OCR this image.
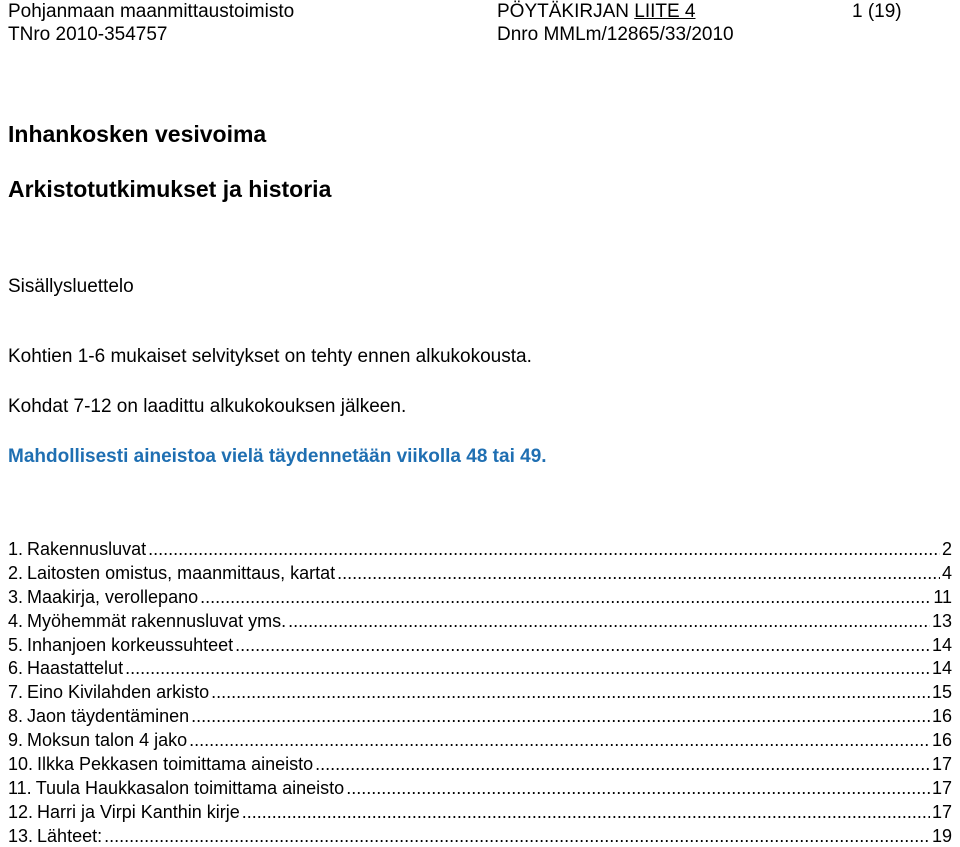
Pohjanmaan maanmittaustoimisto
TNro 2010-354757
PÖYTÄKIRJAN LIITE 4
Dnro MMLm/12865/33/2010
1 (19)
Inhankosken vesivoima
Arkistotutkimukset ja historia
Sisällysluettelo
Kohtien 1-6 mukaiset selvitykset on tehty ennen alkukokousta.
Kohdat 7-12 on laadittu alkukokouksen jälkeen.
Mahdollisesti aineistoa vielä täydennetään viikolla 48 tai 49.
1. Rakennusluvat .....	2
2. Laitosten omistus, maanmittaus, kartat .....	4
3. Maakirja, verollepano .....	11
4. Myöhemmät rakennusluvat yms. .....	13
5. Inhanjoen korkeussuhteet .....	14
6. Haastattelut .....	14
7. Eino Kivilahden arkisto .....	15
8. Jaon täydentäminen .....	16
9. Moksun talon 4 jako .....	16
10. Ilkka Pekkasen toimittama aineisto .....	17
11. Tuula Haukkasalon toimittama aineisto .....	17
12. Harri ja Virpi Kanthin kirje .....	17
13. Lähteet: .....	19
